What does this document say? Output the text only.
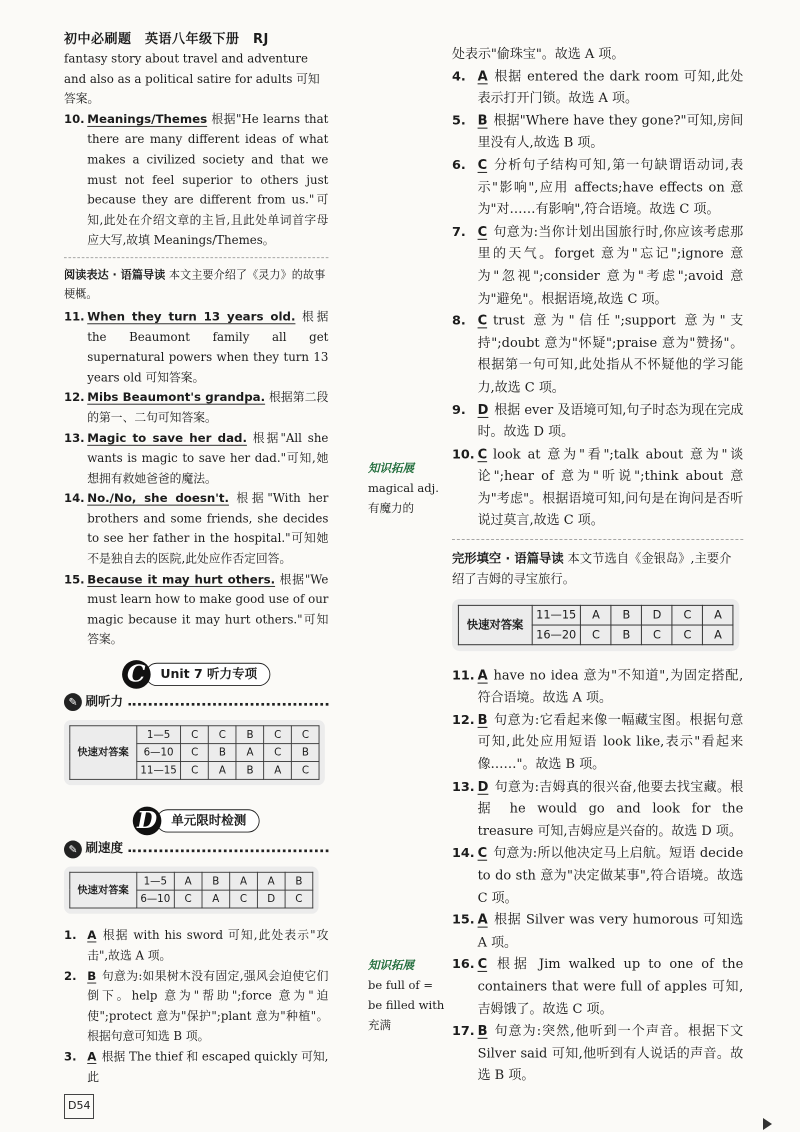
初中必刷题　英语八年级下册　RJ
fantasy story about travel and adventure and also as a political satire for adults 可知答案。
10. Meanings/Themes 根据"He learns that there are many different ideas of what makes a civilized society and that we must not feel superior to others just because they are different from us."可知,此处在介绍文章的主旨,且此处单词首字母应大写,故填 Meanings/Themes。
阅读表达 · 语篇导读 本文主要介绍了《灵力》的故事梗概。
11. When they turn 13 years old. 根据 the Beaumont family all get supernatural powers when they turn 13 years old 可知答案。
12. Mibs Beaumont's grandpa. 根据第二段的第一、二句可知答案。
13. Magic to save her dad. 根据"All she wants is magic to save her dad."可知,她想拥有救她爸爸的魔法。
14. No./No, she doesn't. 根据"With her brothers and some friends, she decides to see her father in the hospital."可知她不是独自去的医院,此处应作否定回答。
15. Because it may hurt others. 根据"We must learn how to make good use of our magic because it may hurt others."可知答案。
C	Unit 7 听力专项
✎ 刷听力
快速对答案	1—5	C	C	B	C	C
	6—10	C	B	A	C	B
	11—15	C	A	B	A	C
D	单元限时检测
✎ 刷速度
快速对答案	1—5	A	B	A	A	B
	6—10	C	A	C	D	C
1. A 根据 with his sword 可知,此处表示"攻击",故选 A 项。
2. B 句意为:如果树木没有固定,强风会迫使它们倒下。help 意为"帮助";force 意为"迫使";protect 意为"保护";plant 意为"种植"。根据句意可知选 B 项。
3. A 根据 The thief 和 escaped quickly 可知,此
知识拓展
magical adj. 有魔力的
知识拓展
be full of = be filled with 充满
处表示"偷珠宝"。故选 A 项。
4. A 根据 entered the dark room 可知,此处表示打开门锁。故选 A 项。
5. B 根据"Where have they gone?"可知,房间里没有人,故选 B 项。
6. C 分析句子结构可知,第一句缺谓语动词,表示"影响",应用 affects;have effects on 意为"对……有影响",符合语境。故选 C 项。
7. C 句意为:当你计划出国旅行时,你应该考虑那里的天气。forget 意为"忘记";ignore 意为"忽视";consider 意为"考虑";avoid 意为"避免"。根据语境,故选 C 项。
8. C trust 意为"信任";support 意为"支持";doubt 意为"怀疑";praise 意为"赞扬"。根据第一句可知,此处指从不怀疑他的学习能力,故选 C 项。
9. D 根据 ever 及语境可知,句子时态为现在完成时。故选 D 项。
10. C look at 意为"看";talk about 意为"谈论";hear of 意为"听说";think about 意为"考虑"。根据语境可知,问句是在询问是否听说过莫言,故选 C 项。
完形填空 · 语篇导读 本文节选自《金银岛》,主要介绍了吉姆的寻宝旅行。
快速对答案	11—15	A	B	D	C	A
	16—20	C	B	C	C	A
11. A have no idea 意为"不知道",为固定搭配,符合语境。故选 A 项。
12. B 句意为:它看起来像一幅藏宝图。根据句意可知,此处应用短语 look like,表示"看起来像……"。故选 B 项。
13. D 句意为:吉姆真的很兴奋,他要去找宝藏。根据 he would go and look for the treasure 可知,吉姆应是兴奋的。故选 D 项。
14. C 句意为:所以他决定马上启航。短语 decide to do sth 意为"决定做某事",符合语境。故选 C 项。
15. A 根据 Silver was very humorous 可知选 A 项。
16. C 根据 Jim walked up to one of the containers that were full of apples 可知,吉姆饿了。故选 C 项。
17. B 句意为:突然,他听到一个声音。根据下文 Silver said 可知,他听到有人说话的声音。故选 B 项。
D54
